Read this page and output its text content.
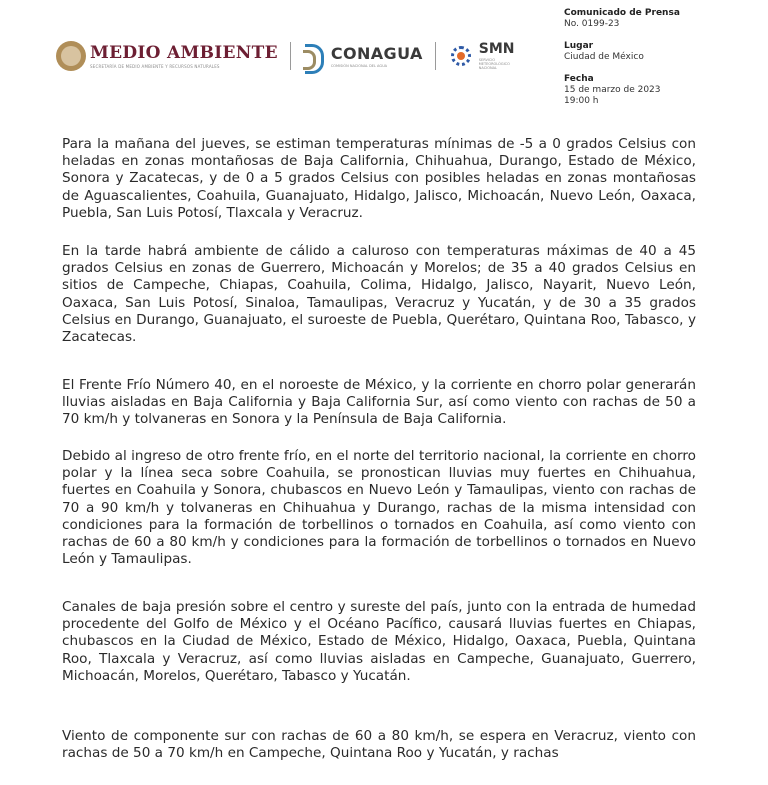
MEDIO AMBIENTE
SECRETARÍA DE MEDIO AMBIENTE Y RECURSOS NATURALES
CONAGUA
COMISIÓN NACIONAL DEL AGUA
SMN
SERVICIO METEOROLÓGICO NACIONAL
Comunicado de Prensa
No. 0199-23
Lugar
Ciudad de México
Fecha
15 de marzo de 2023
19:00 h

Para la mañana del jueves, se estiman temperaturas mínimas de -5 a 0 grados Celsius con heladas en zonas montañosas de Baja California, Chihuahua, Durango, Estado de México, Sonora y Zacatecas, y de 0 a 5 grados Celsius con posibles heladas en zonas montañosas de Aguascalientes, Coahuila, Guanajuato, Hidalgo, Jalisco, Michoacán, Nuevo León, Oaxaca, Puebla, San Luis Potosí, Tlaxcala y Veracruz.

En la tarde habrá ambiente de cálido a caluroso con temperaturas máximas de 40 a 45 grados Celsius en zonas de Guerrero, Michoacán y Morelos; de 35 a 40 grados Celsius en sitios de Campeche, Chiapas, Coahuila, Colima, Hidalgo, Jalisco, Nayarit, Nuevo León, Oaxaca, San Luis Potosí, Sinaloa, Tamaulipas, Veracruz y Yucatán, y de 30 a 35 grados Celsius en Durango, Guanajuato, el suroeste de Puebla, Querétaro, Quintana Roo, Tabasco, y Zacatecas.

El Frente Frío Número 40, en el noroeste de México, y la corriente en chorro polar generarán lluvias aisladas en Baja California y Baja California Sur, así como viento con rachas de 50 a 70 km/h y tolvaneras en Sonora y la Península de Baja California.

Debido al ingreso de otro frente frío, en el norte del territorio nacional, la corriente en chorro polar y la línea seca sobre Coahuila, se pronostican lluvias muy fuertes en Chihuahua, fuertes en Coahuila y Sonora, chubascos en Nuevo León y Tamaulipas, viento con rachas de 70 a 90 km/h y tolvaneras en Chihuahua y Durango, rachas de la misma intensidad con condiciones para la formación de torbellinos o tornados en Coahuila, así como viento con rachas de 60 a 80 km/h y condiciones para la formación de torbellinos o tornados en Nuevo León y Tamaulipas.

Canales de baja presión sobre el centro y sureste del país, junto con la entrada de humedad procedente del Golfo de México y el Océano Pacífico, causará lluvias fuertes en Chiapas, chubascos en la Ciudad de México, Estado de México, Hidalgo, Oaxaca, Puebla, Quintana Roo, Tlaxcala y Veracruz, así como lluvias aisladas en Campeche, Guanajuato, Guerrero, Michoacán, Morelos, Querétaro, Tabasco y Yucatán.

Viento de componente sur con rachas de 60 a 80 km/h, se espera en Veracruz, viento con rachas de 50 a 70 km/h en Campeche, Quintana Roo y Yucatán, y rachas
